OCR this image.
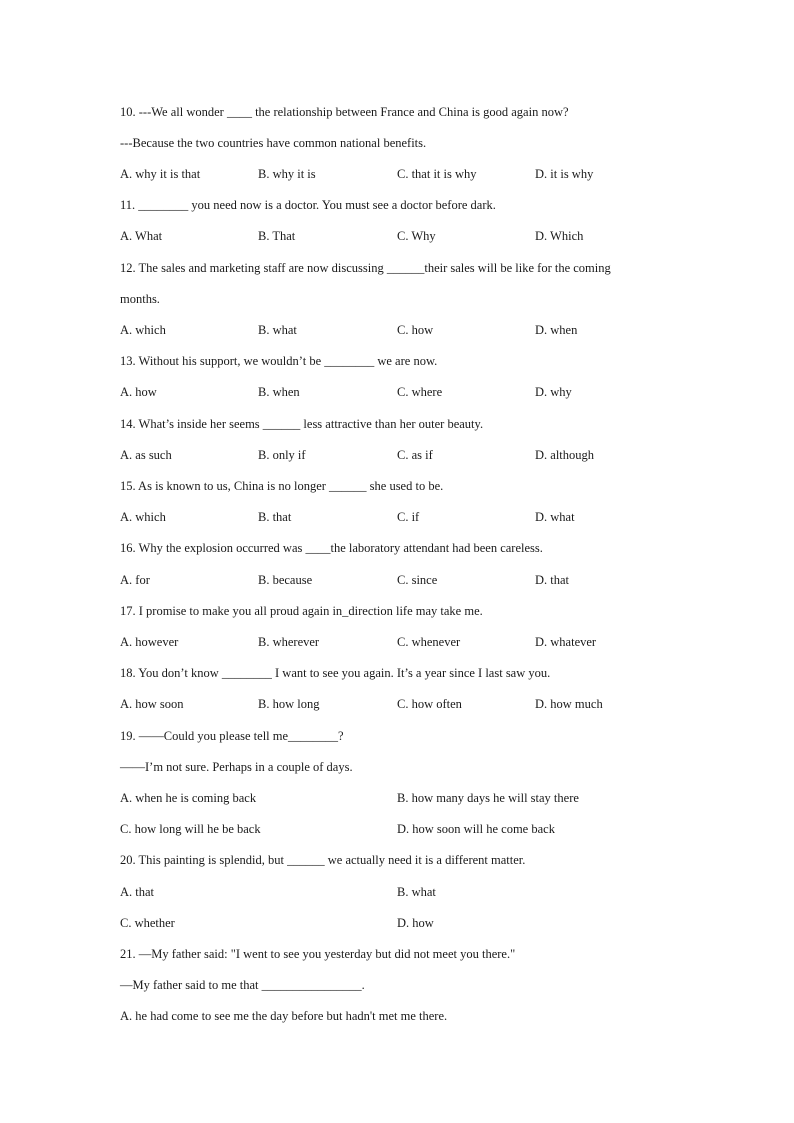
10. ---We all wonder ____ the relationship between France and China is good again now?
---Because the two countries have common national benefits.
A. why it is that	B. why it is	C. that it is why	D. it is why
11. ________ you need now is a doctor. You must see a doctor before dark.
A. What	B. That	C. Why	D. Which
12. The sales and marketing staff are now discussing ______their sales will be like for the coming
months.
A. which	B. what	C. how	D. when
13. Without his support, we wouldn’t be ________ we are now.
A. how	B. when	C. where	D. why
14. What’s inside her seems ______ less attractive than her outer beauty.
A. as such	B. only if	C. as if	D. although
15. As is known to us, China is no longer ______ she used to be.
A. which	B. that	C. if	D. what
16. Why the explosion occurred was ____the laboratory attendant had been careless.
A. for	B. because	C. since	D. that
17. I promise to make you all proud again in_direction life may take me.
A. however	B. wherever	C. whenever	D. whatever
18. You don’t know ________ I want to see you again. It’s a year since I last saw you.
A. how soon	B. how long	C. how often	D. how much
19. ——Could you please tell me________?
——I’m not sure. Perhaps in a couple of days.
A. when he is coming back	B. how many days he will stay there
C. how long will he be back	D. how soon will he come back
20. This painting is splendid, but ______ we actually need it is a different matter.
A. that	B. what
C. whether	D. how
21. —My father said: "I went to see you yesterday but did not meet you there."
—My father said to me that ________________.
A. he had come to see me the day before but hadn't met me there.
